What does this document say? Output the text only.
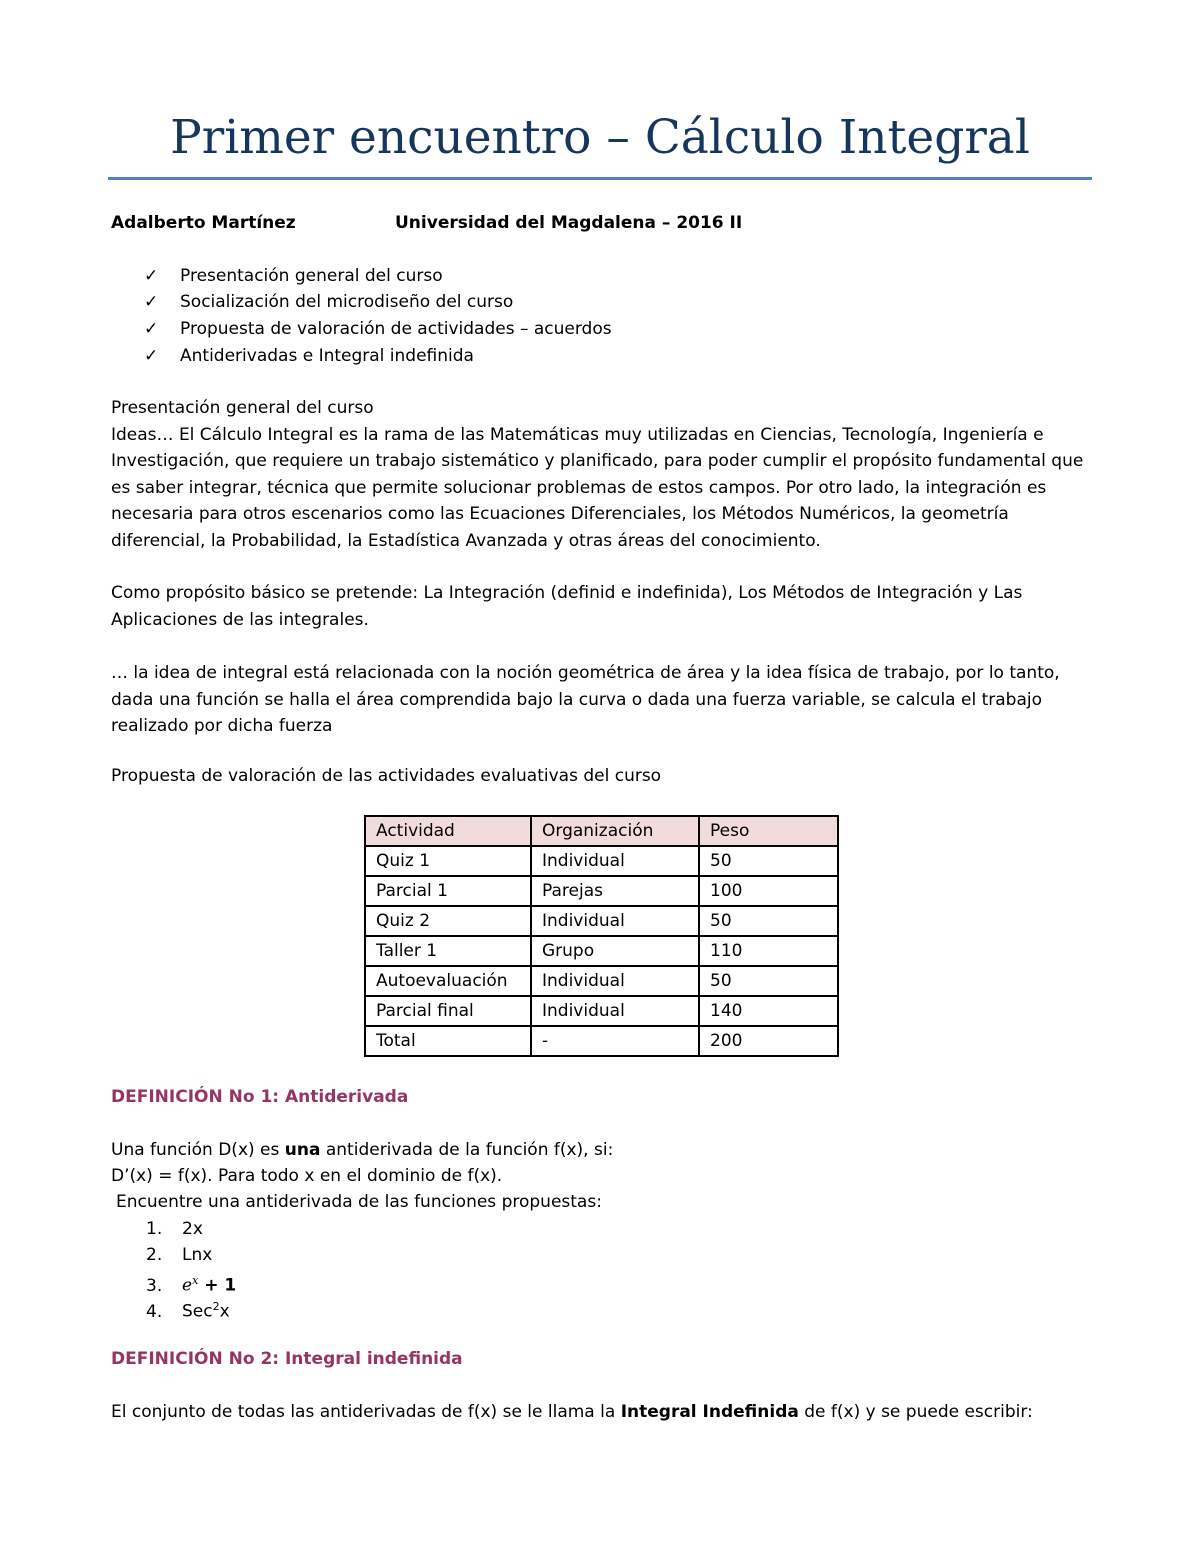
Primer encuentro – Cálculo Integral
Adalberto Martínez	Universidad del Magdalena – 2016 II
✓ Presentación general del curso
✓ Socialización del microdiseño del curso
✓ Propuesta de valoración de actividades – acuerdos
✓ Antiderivadas e Integral indefinida

Presentación general del curso

Ideas… El Cálculo Integral es la rama de las Matemáticas muy utilizadas en Ciencias, Tecnología, Ingeniería e Investigación, que requiere un trabajo sistemático y planificado, para poder cumplir el propósito fundamental que es saber integrar, técnica que permite solucionar problemas de estos campos. Por otro lado, la integración es necesaria para otros escenarios como las Ecuaciones Diferenciales, los Métodos Numéricos, la geometría diferencial, la Probabilidad, la Estadística Avanzada y otras áreas del conocimiento.

Como propósito básico se pretende: La Integración (definid e indefinida), Los Métodos de Integración y Las Aplicaciones de las integrales.
… la idea de integral está relacionada con la noción geométrica de área y la idea física de trabajo, por lo tanto, dada una función se halla el área comprendida bajo la curva o dada una fuerza variable, se calcula el trabajo realizado por dicha fuerza
Propuesta de valoración de las actividades evaluativas del curso
Actividad	Organización	Peso
Quiz 1	Individual	50
Parcial 1	Parejas	100
Quiz 2	Individual	50
Taller 1	Grupo	110
Autoevaluación	Individual	50
Parcial final	Individual	140
Total	-	200
DEFINICIÓN No 1: Antiderivada
Una función D(x) es una antiderivada de la función f(x), si:
D’(x) = f(x). Para todo x en el dominio de f(x).
Encuentre una antiderivada de las funciones propuestas:
1. 2x
2. Lnx
3. $e^x + 1$
4. Sec$^2$x
DEFINICIÓN No 2: Integral indefinida
El conjunto de todas las antiderivadas de f(x) se le llama la Integral Indefinida de f(x) y se puede escribir:
